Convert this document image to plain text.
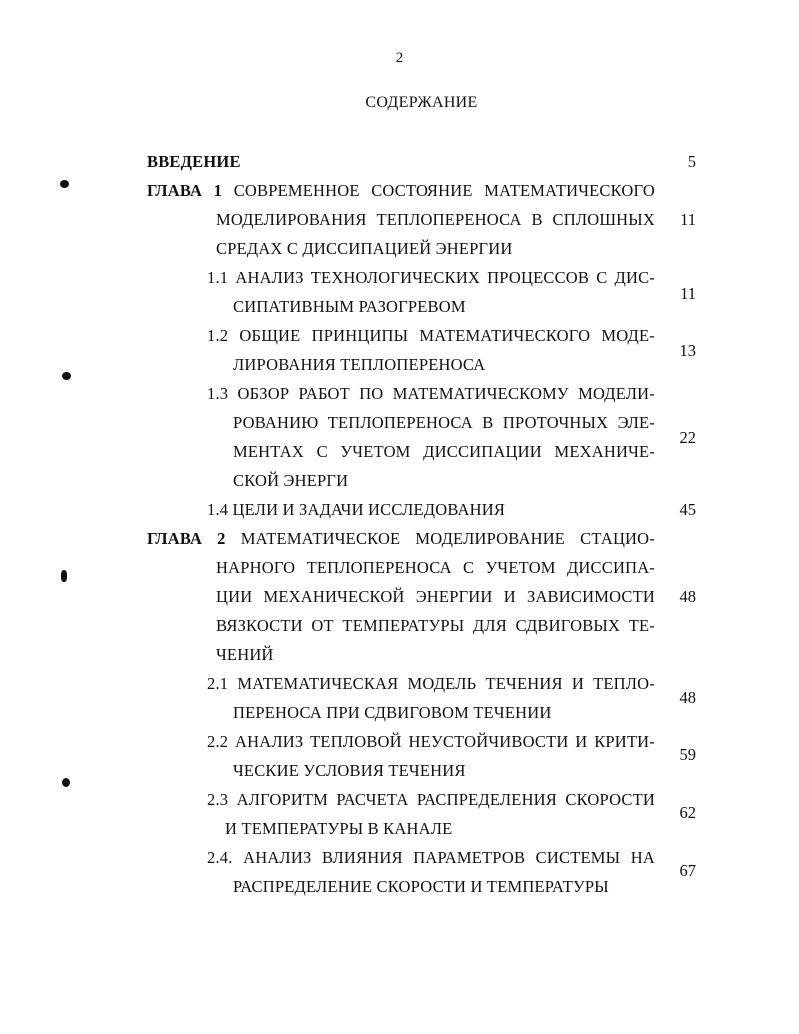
2
СОДЕРЖАНИЕ
ВВЕДЕНИЕ	5
ГЛАВА 1 СОВРЕМЕННОЕ СОСТОЯНИЕ МАТЕМАТИЧЕСКОГО
МОДЕЛИРОВАНИЯ ТЕПЛОПЕРЕНОСА В СПЛОШНЫХ
СРЕДАХ С ДИССИПАЦИЕЙ ЭНЕРГИИ
11
1.1 АНАЛИЗ ТЕХНОЛОГИЧЕСКИХ ПРОЦЕССОВ С ДИС-
СИПАТИВНЫМ РАЗОГРЕВОМ
11
1.2 ОБЩИЕ ПРИНЦИПЫ МАТЕМАТИЧЕСКОГО МОДЕ-
ЛИРОВАНИЯ ТЕПЛОПЕРЕНОСА
13
1.3 ОБЗОР РАБОТ ПО МАТЕМАТИЧЕСКОМУ МОДЕЛИ-
РОВАНИЮ ТЕПЛОПЕРЕНОСА В ПРОТОЧНЫХ ЭЛЕ-
МЕНТАХ С УЧЕТОМ ДИССИПАЦИИ МЕХАНИЧЕ-
СКОЙ ЭНЕРГИ
22
1.4 ЦЕЛИ И ЗАДАЧИ ИССЛЕДОВАНИЯ	45
ГЛАВА 2 МАТЕМАТИЧЕСКОЕ МОДЕЛИРОВАНИЕ СТАЦИО-
НАРНОГО ТЕПЛОПЕРЕНОСА С УЧЕТОМ ДИССИПА-
ЦИИ МЕХАНИЧЕСКОЙ ЭНЕРГИИ И ЗАВИСИМОСТИ
ВЯЗКОСТИ ОТ ТЕМПЕРАТУРЫ ДЛЯ СДВИГОВЫХ ТЕ-
ЧЕНИЙ
48
2.1 МАТЕМАТИЧЕСКАЯ МОДЕЛЬ ТЕЧЕНИЯ И ТЕПЛО-
ПЕРЕНОСА ПРИ СДВИГОВОМ ТЕЧЕНИИ
48
2.2 АНАЛИЗ ТЕПЛОВОЙ НЕУСТОЙЧИВОСТИ И КРИТИ-
ЧЕСКИЕ УСЛОВИЯ ТЕЧЕНИЯ
59
2.3 АЛГОРИТМ РАСЧЕТА РАСПРЕДЕЛЕНИЯ СКОРОСТИ
И ТЕМПЕРАТУРЫ В КАНАЛЕ
62
2.4. АНАЛИЗ ВЛИЯНИЯ ПАРАМЕТРОВ СИСТЕМЫ НА
РАСПРЕДЕЛЕНИЕ СКОРОСТИ И ТЕМПЕРАТУРЫ
67
